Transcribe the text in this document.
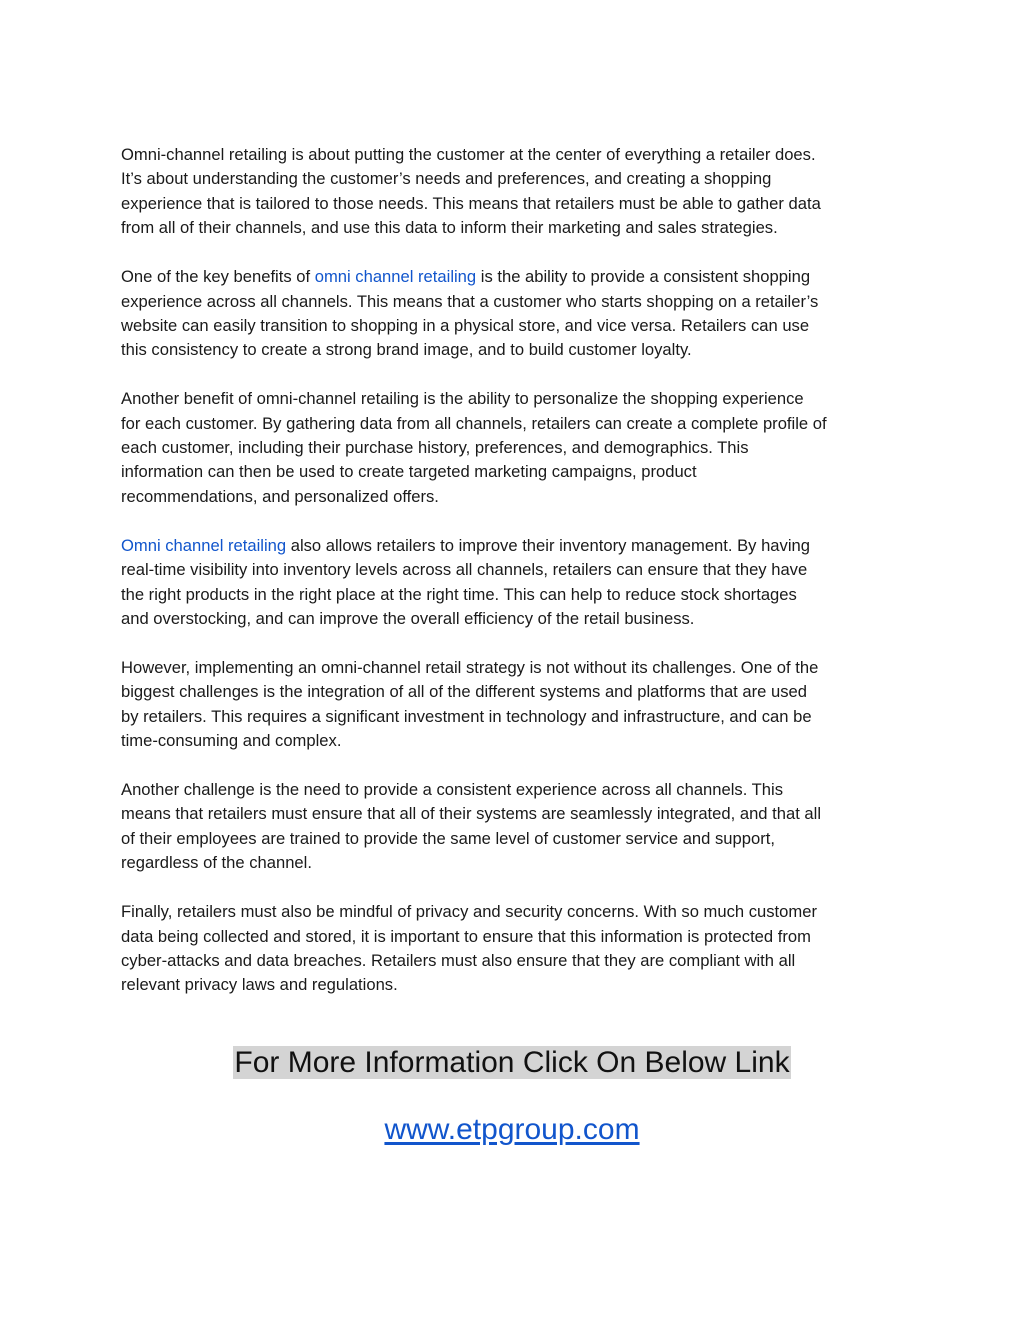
Omni-channel retailing is about putting the customer at the center of everything a retailer does.
It’s about understanding the customer’s needs and preferences, and creating a shopping
experience that is tailored to those needs. This means that retailers must be able to gather data
from all of their channels, and use this data to inform their marketing and sales strategies.

One of the key benefits of omni channel retailing is the ability to provide a consistent shopping
experience across all channels. This means that a customer who starts shopping on a retailer’s
website can easily transition to shopping in a physical store, and vice versa. Retailers can use
this consistency to create a strong brand image, and to build customer loyalty.

Another benefit of omni-channel retailing is the ability to personalize the shopping experience
for each customer. By gathering data from all channels, retailers can create a complete profile of
each customer, including their purchase history, preferences, and demographics. This
information can then be used to create targeted marketing campaigns, product
recommendations, and personalized offers.

Omni channel retailing also allows retailers to improve their inventory management. By having
real-time visibility into inventory levels across all channels, retailers can ensure that they have
the right products in the right place at the right time. This can help to reduce stock shortages
and overstocking, and can improve the overall efficiency of the retail business.

However, implementing an omni-channel retail strategy is not without its challenges. One of the
biggest challenges is the integration of all of the different systems and platforms that are used
by retailers. This requires a significant investment in technology and infrastructure, and can be
time-consuming and complex.

Another challenge is the need to provide a consistent experience across all channels. This
means that retailers must ensure that all of their systems are seamlessly integrated, and that all
of their employees are trained to provide the same level of customer service and support,
regardless of the channel.

Finally, retailers must also be mindful of privacy and security concerns. With so much customer
data being collected and stored, it is important to ensure that this information is protected from
cyber-attacks and data breaches. Retailers must also ensure that they are compliant with all
relevant privacy laws and regulations.

For More Information Click On Below Link

www.etpgroup.com
